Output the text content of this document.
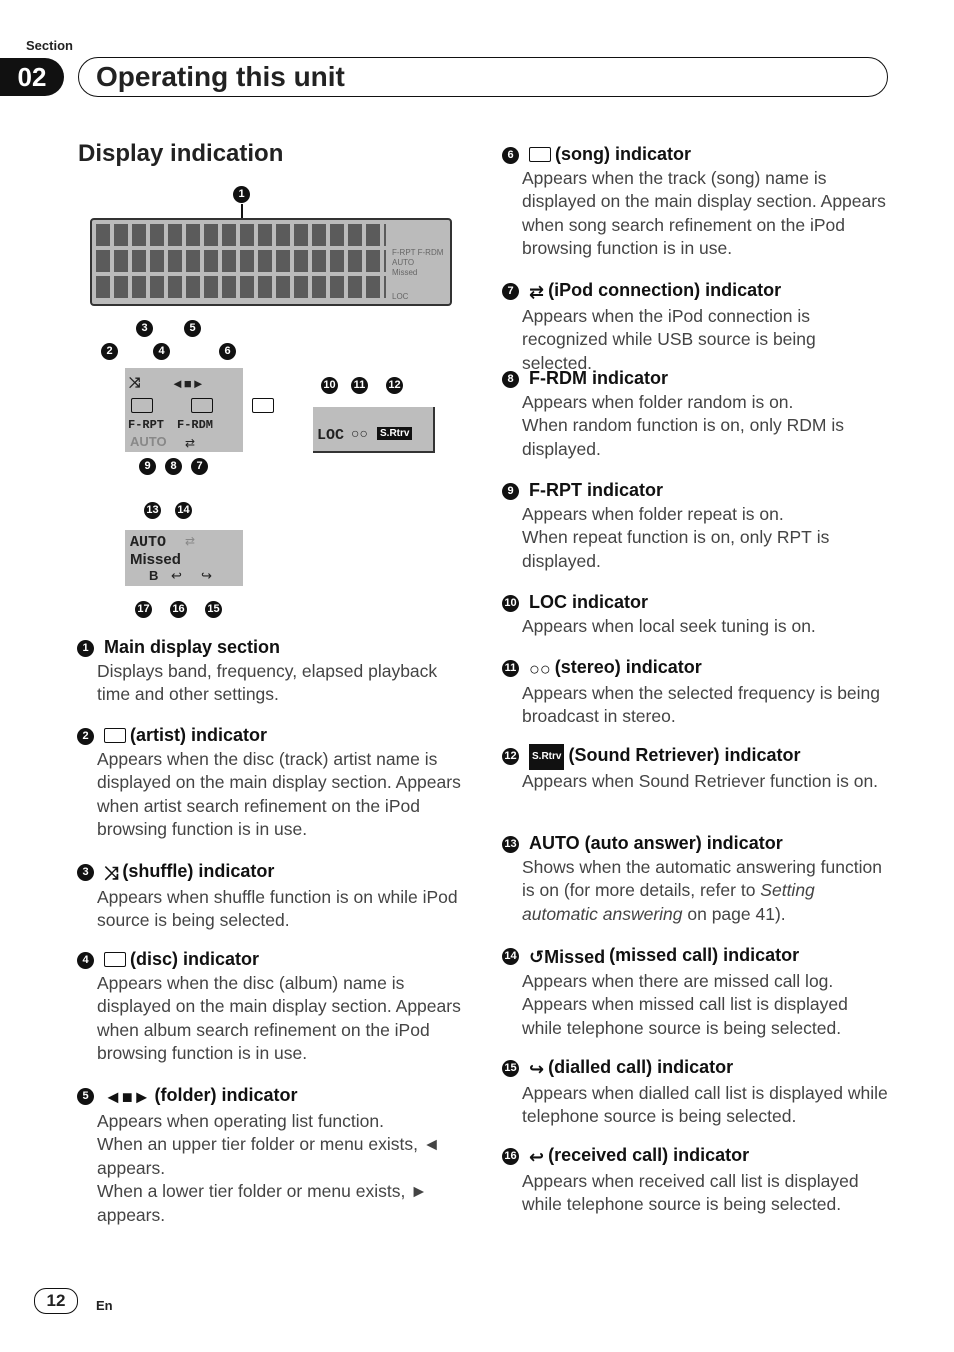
Section
02	Operating this unit
Display indication
1
F-RPT F-RDM
AUTO
Missed
LOC
⤨ ◄■►

F-RPT F-RDM
AUTO ⇄
3	5
2	4	6
9	8	7
LOC ○○	S.Rtrv
10 11 12
AUTO ⇄
Missed
B ↩ ↪
13 14
17 16 15
1 Main display section
Displays band, frequency, elapsed playback time and other settings.
2 (artist) indicator
Appears when the disc (track) artist name is displayed on the main display section. Appears when artist search refinement on the iPod browsing function is in use.
3 ⤨ (shuffle) indicator
Appears when shuffle function is on while iPod source is being selected.
4 (disc) indicator
Appears when the disc (album) name is displayed on the main display section. Appears when album search refinement on the iPod browsing function is in use.
5 ◄■► (folder) indicator
Appears when operating list function.
When an upper tier folder or menu exists, ◄ appears.
When a lower tier folder or menu exists, ► appears.
6 (song) indicator
Appears when the track (song) name is displayed on the main display section. Appears when song search refinement on the iPod browsing function is in use.
7 ⇄ (iPod connection) indicator
Appears when the iPod connection is recognized while USB source is being selected.
8 F-RDM indicator
Appears when folder random is on.
When random function is on, only RDM is displayed.
9 F-RPT indicator
Appears when folder repeat is on.
When repeat function is on, only RPT is displayed.
10 LOC indicator
Appears when local seek tuning is on.
11 ○○ (stereo) indicator
Appears when the selected frequency is being broadcast in stereo.
12 S.Rtrv (Sound Retriever) indicator
Appears when Sound Retriever function is on.
13 AUTO (auto answer) indicator
Shows when the automatic answering function is on (for more details, refer to Setting automatic answering on page 41).
14 ↺Missed (missed call) indicator
Appears when there are missed call log. Appears when missed call list is displayed while telephone source is being selected.
15 ↪ (dialled call) indicator
Appears when dialled call list is displayed while telephone source is being selected.
16 ↩ (received call) indicator
Appears when received call list is displayed while telephone source is being selected.
12	En
